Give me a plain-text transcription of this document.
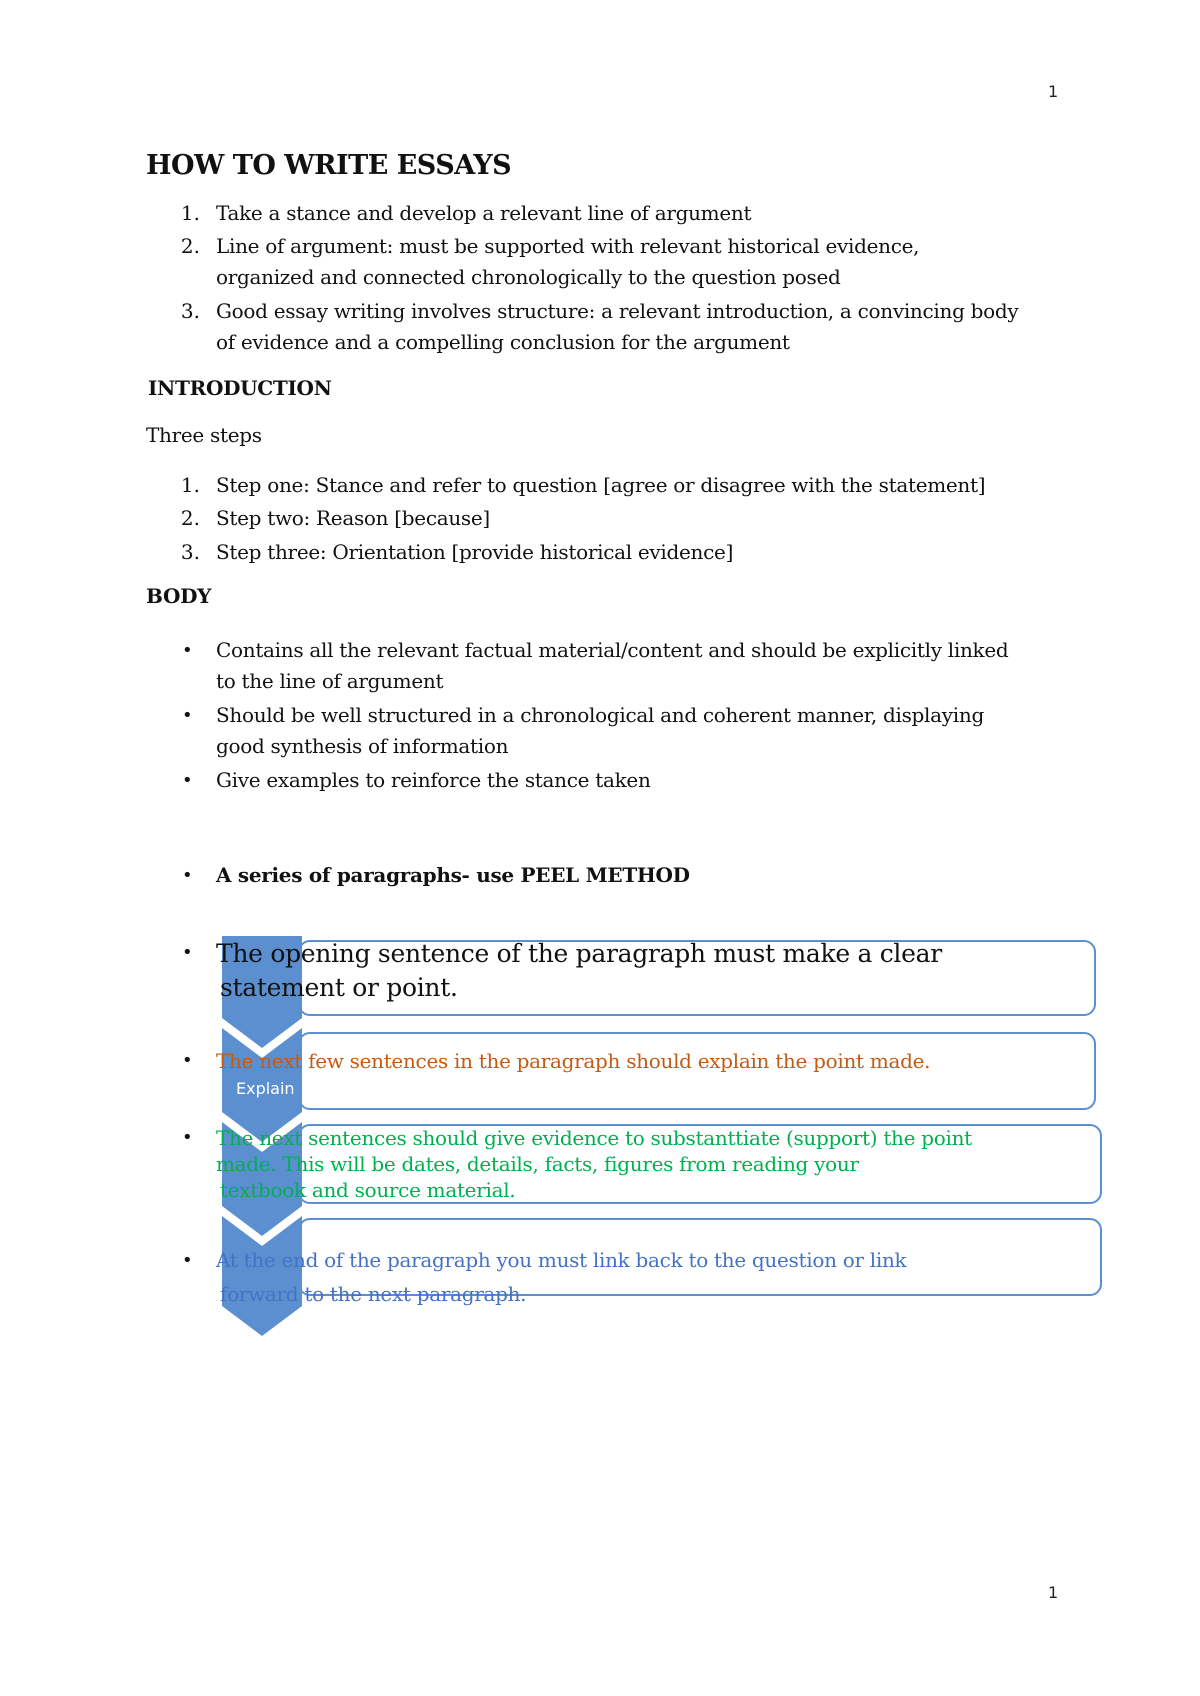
1
1
HOW TO WRITE ESSAYS
1. Take a stance and develop a relevant line of argument
2. Line of argument: must be supported with relevant historical evidence,
organized and connected chronologically to the question posed
3. Good essay writing involves structure: a relevant introduction, a convincing body
of evidence and a compelling conclusion for the argument
INTRODUCTION
Three steps
1. Step one: Stance and refer to question [agree or disagree with the statement]
2. Step two: Reason [because]
3. Step three: Orientation [provide historical evidence]
BODY
• Contains all the relevant factual material/content and should be explicitly linked
to the line of argument
• Should be well structured in a chronological and coherent manner, displaying
good synthesis of information
• Give examples to reinforce the stance taken
• A series of paragraphs- use PEEL METHOD
Explain
•
•
•
•
The opening sentence of the paragraph must make a clear
statement or point.
The next few sentences in the paragraph should explain the point made.
The next sentences should give evidence to substanttiate (support) the point
made. This will be dates, details, facts, figures from reading your
textbook and source material.
At the end of the paragraph you must link back to the question or link
forward to the next paragraph.
